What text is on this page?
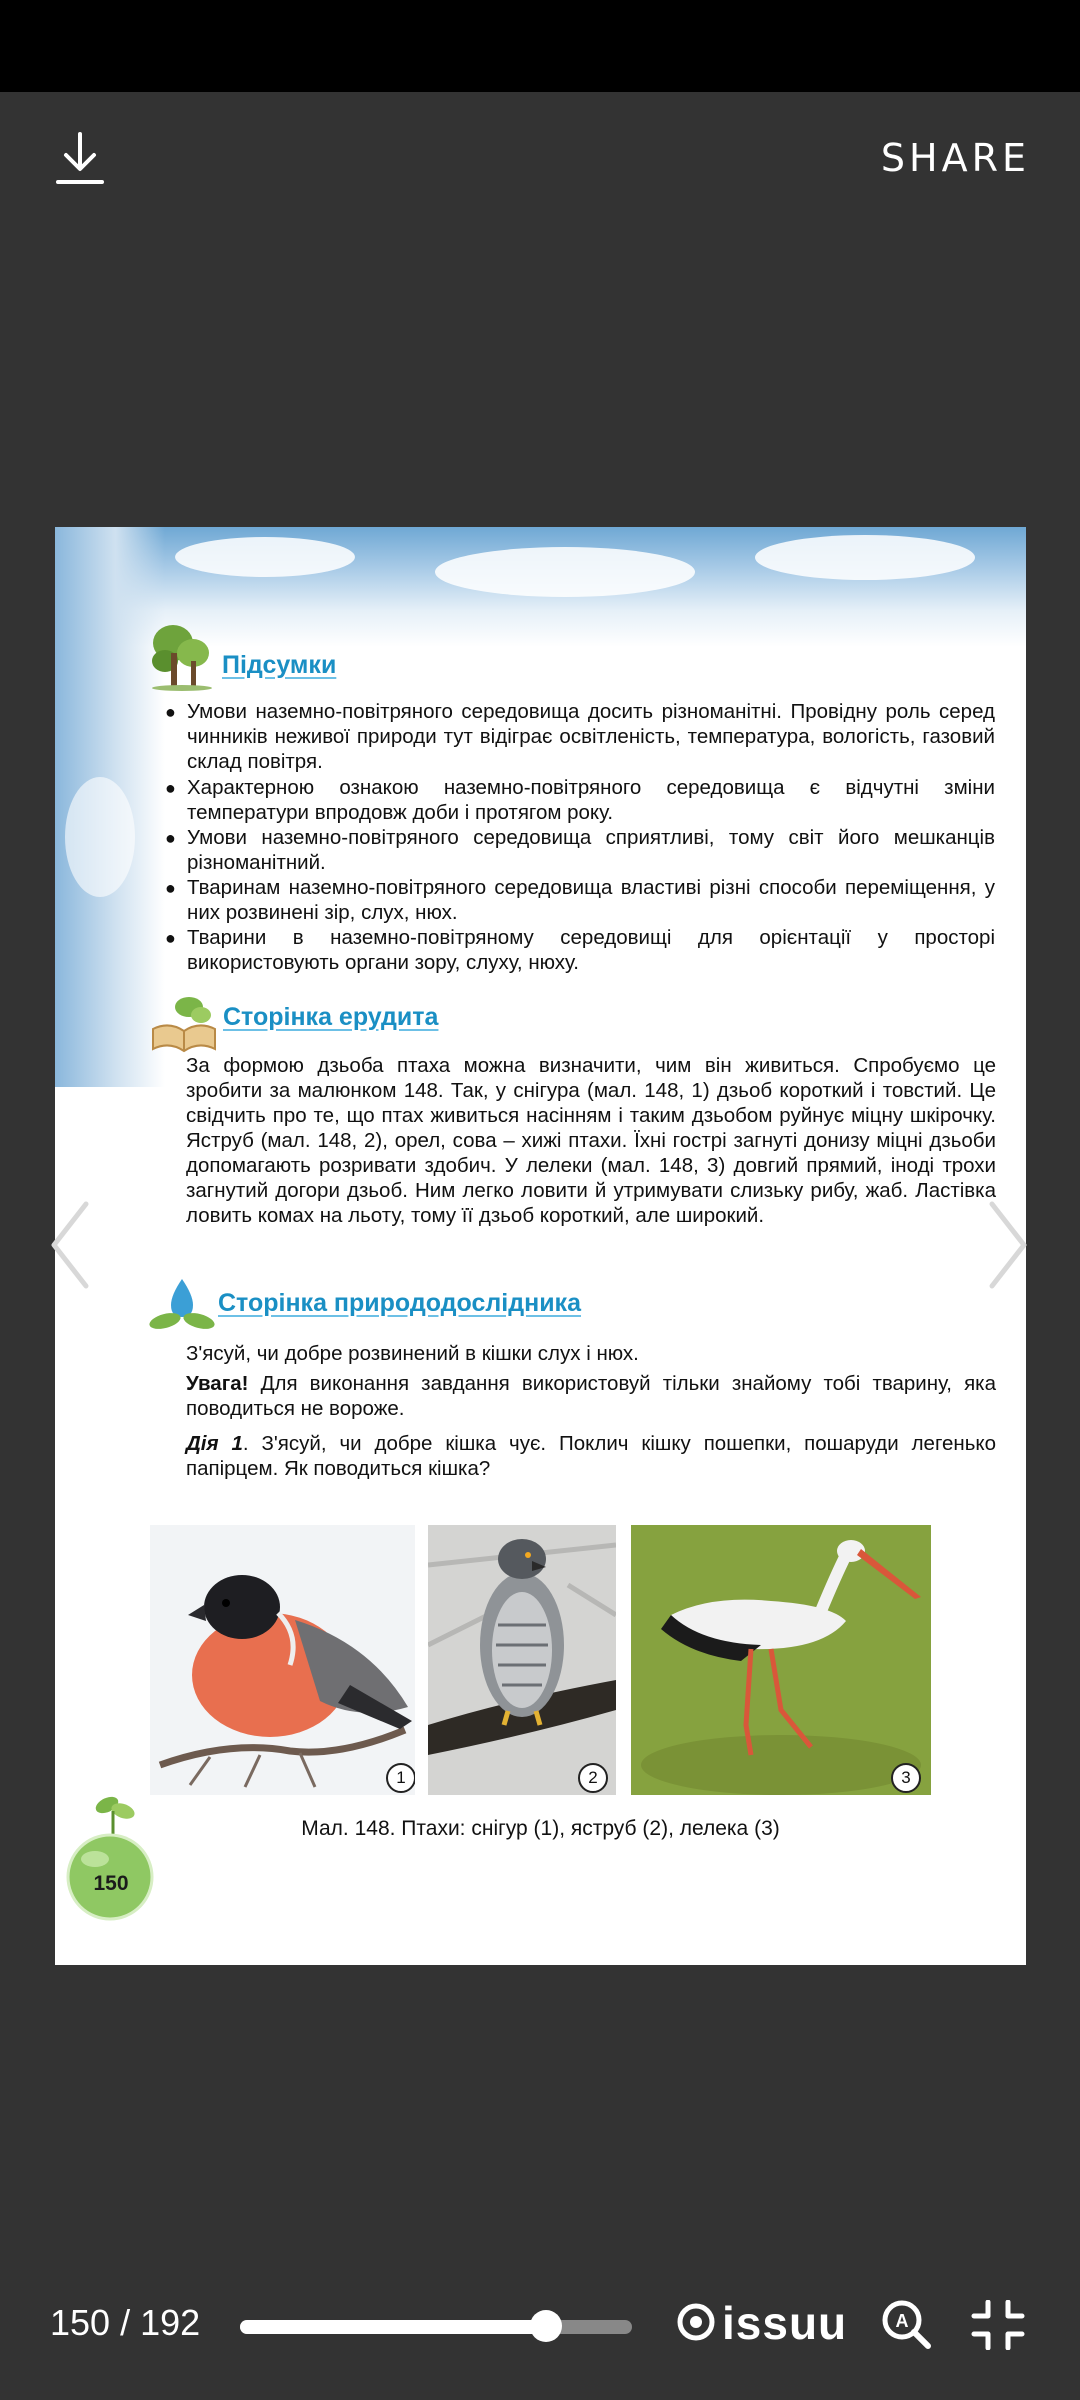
SHARE
Підсумки
● Умови наземно-повітряного середовища досить різноманітні. Провідну роль серед чинників неживої природи тут відіграє освітленість, температура, вологість, газовий склад повітря.
● Характерною ознакою наземно-повітряного середовища є відчутні зміни температури впродовж доби і протягом року.
● Умови наземно-повітряного середовища сприятливі, тому світ його мешканців різноманітний.
● Тваринам наземно-повітряного середовища властиві різні способи переміщення, у них розвинені зір, слух, нюх.
● Тварини в наземно-повітряному середовищі для орієнтації у просторі використовують органи зору, слуху, нюху.
Сторінка ерудита
За формою дзьоба птаха можна визначити, чим він живиться. Спробуємо це зробити за малюнком 148. Так, у снігура (мал. 148, 1) дзьоб короткий і товстий. Це свідчить про те, що птах живиться насінням і таким дзьобом руйнує міцну шкірочку. Яструб (мал. 148, 2), орел, сова – хижі птахи. Їхні гострі загнуті донизу міцні дзьоби допомагають розривати здобич. У лелеки (мал. 148, 3) довгий прямий, іноді трохи загнутий догори дзьоб. Ним легко ловити й утримувати слизьку рибу, жаб. Ластівка ловить комах на льоту, тому її дзьоб короткий, але широкий.
Сторінка природодослідника
З'ясуй, чи добре розвинений в кішки слух і нюх.
Увага! Для виконання завдання використовуй тільки знайому тобі тварину, яка поводиться не вороже.
Дія 1. З'ясуй, чи добре кішка чує. Поклич кішку пошепки, пошаруди легенько папірцем. Як поводиться кішка?
1	2	3
Мал. 148. Птахи: снігур (1), яструб (2), лелека (3)
150
150 / 192	issuu	A
